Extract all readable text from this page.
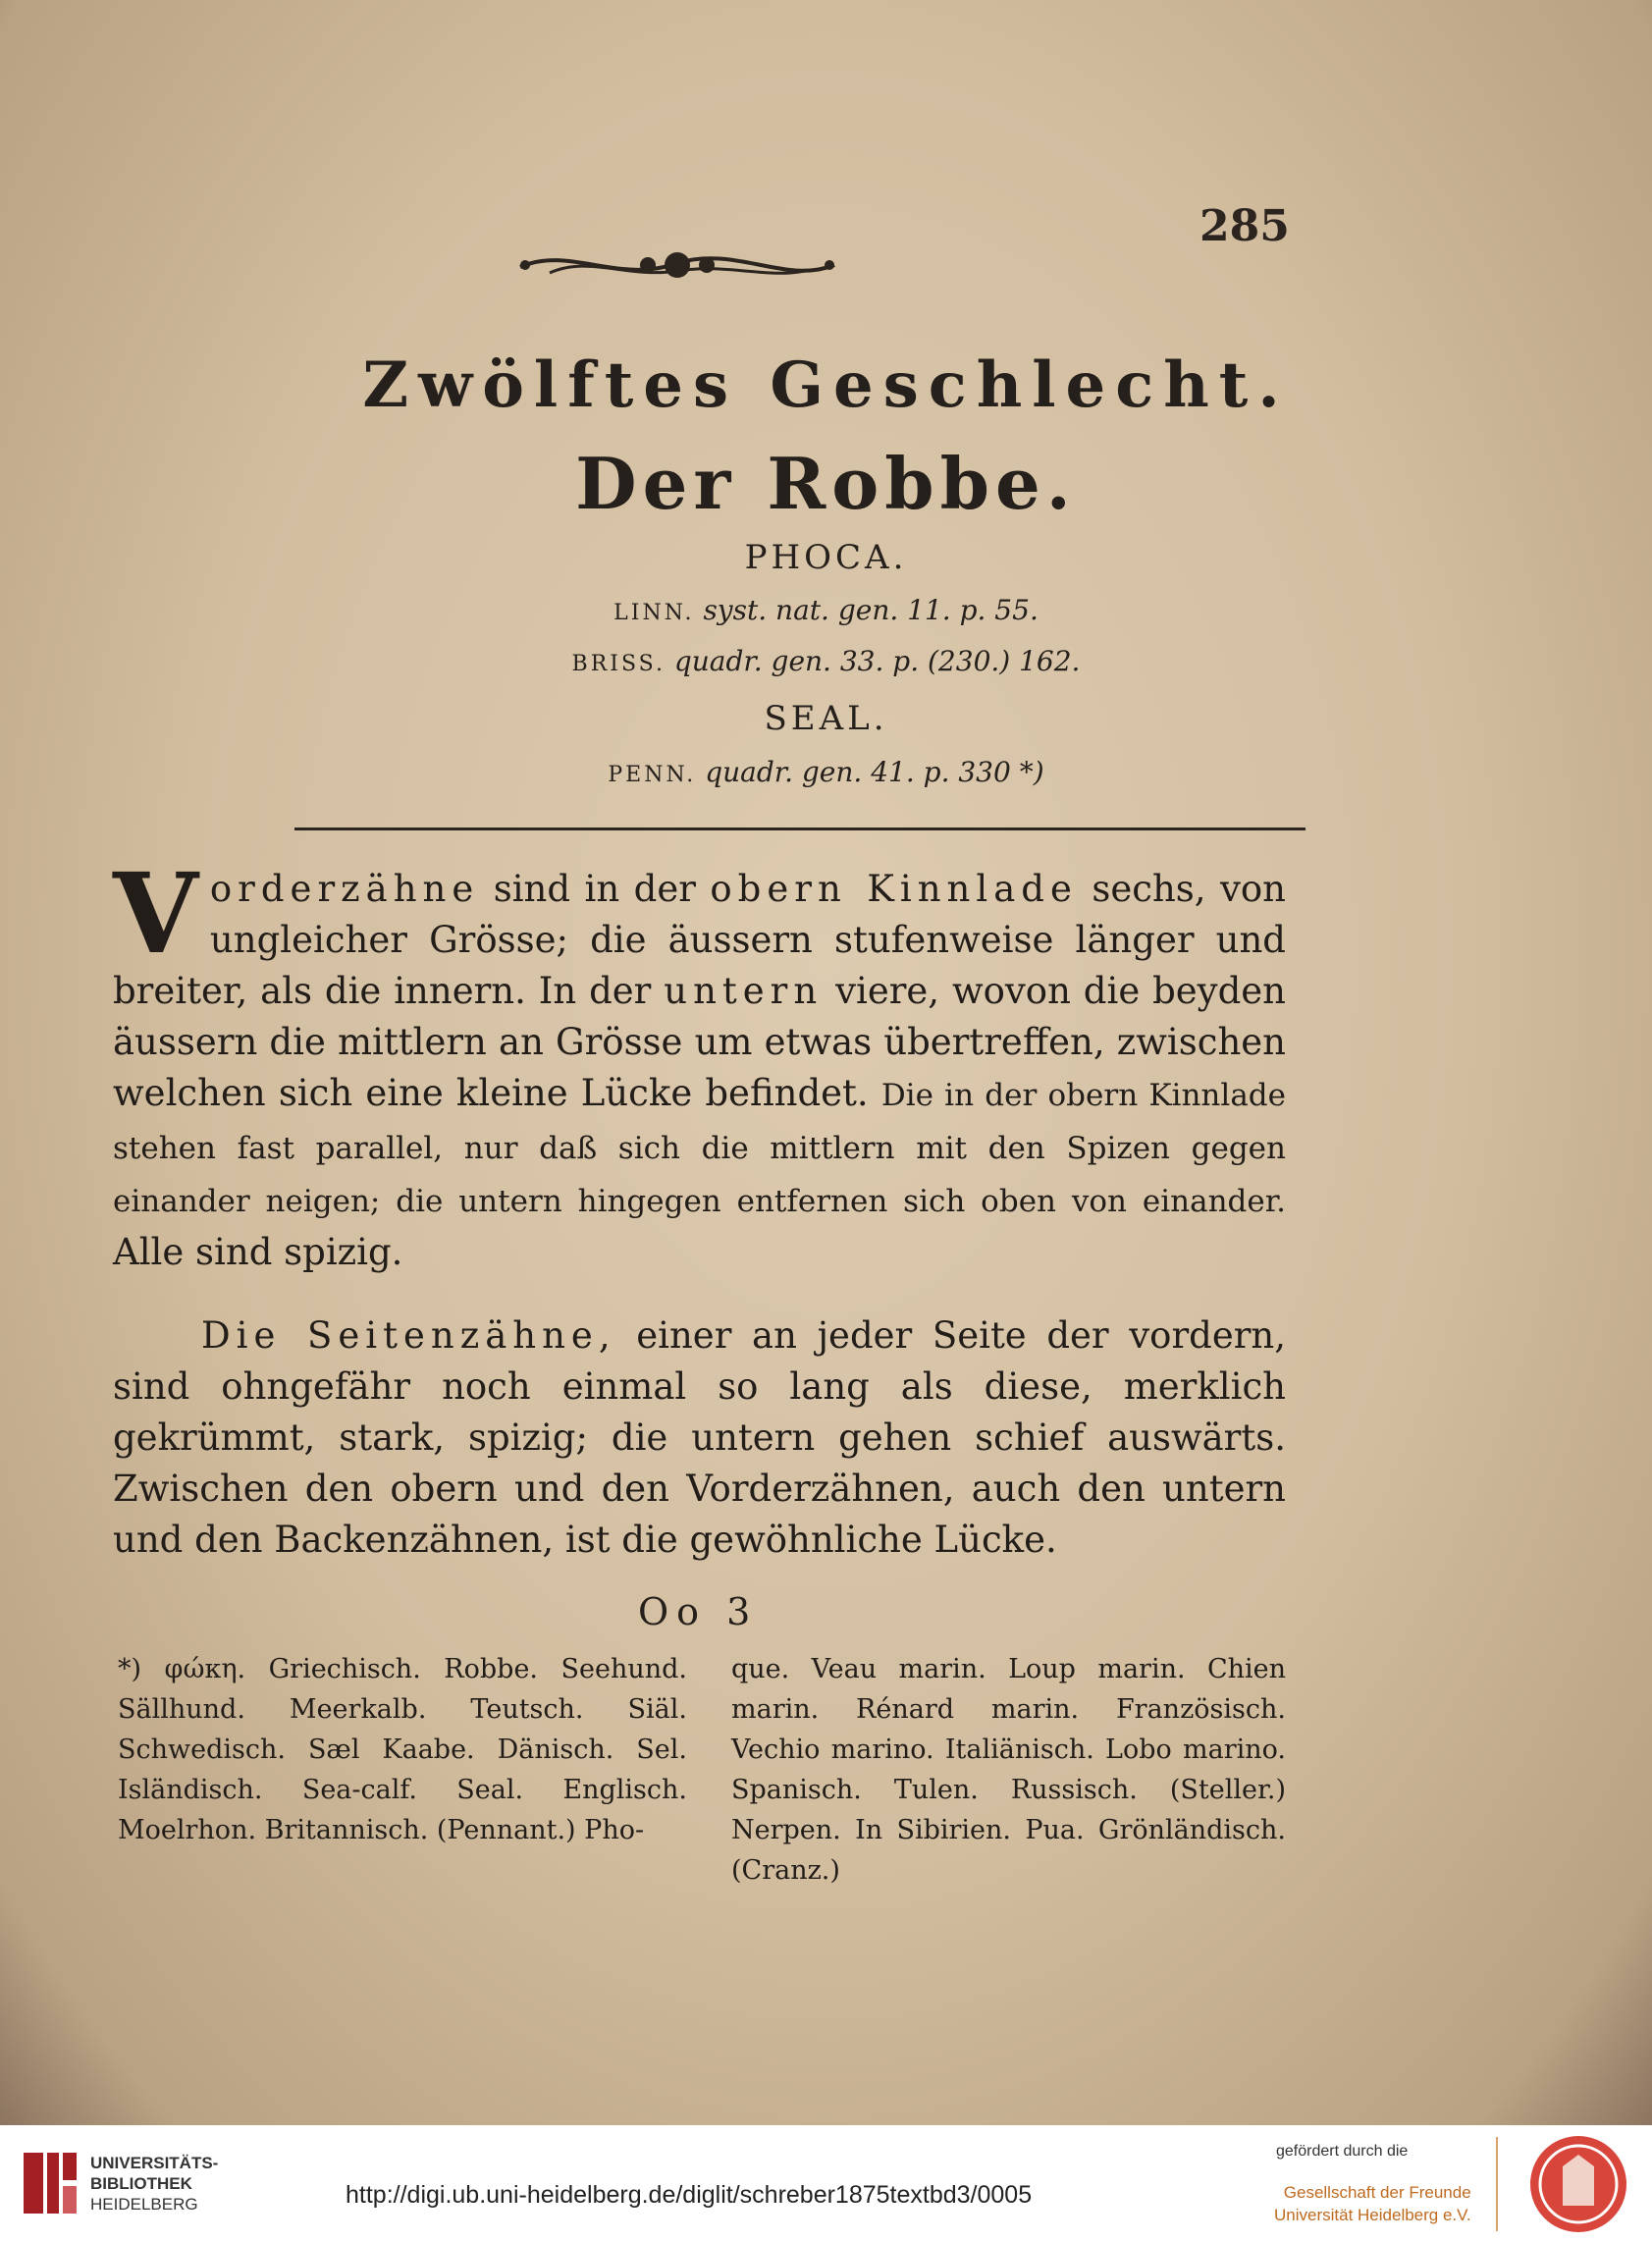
285
Zwölftes Geschlecht.
Der Robbe.
PHOCA.
LINN. syst. nat. gen. 11. p. 55.
BRISS. quadr. gen. 33. p. (230.) 162.
SEAL.
PENN. quadr. gen. 41. p. 330 *)
Vorderzähne sind in der obern Kinnlade sechs, von ungleicher Grösse; die äussern stufenweise länger und breiter, als die innern. In der untern viere, wovon die beyden äussern die mittlern an Grösse um etwas übertreffen, zwischen welchen sich eine kleine Lücke befindet. Die in der obern Kinnlade stehen fast parallel, nur daß sich die mittlern mit den Spizen gegen einander neigen; die untern hingegen entfernen sich oben von einander. Alle sind spizig.
Die Seitenzähne, einer an jeder Seite der vordern, sind ohngefähr noch einmal so lang als diese, merklich gekrümmt, stark, spizig; die untern gehen schief auswärts. Zwischen den obern und den Vorderzähnen, auch den untern und den Backenzähnen, ist die gewöhnliche Lücke.
Oo 3
*) φώκη. Griechisch. Robbe. Seehund. Sällhund. Meerkalb. Teutsch. Siäl. Schwedisch. Sæl Kaabe. Dänisch. Sel. Isländisch. Sea-calf. Seal. Englisch. Moelrhon. Britannisch. (Pennant.) Pho-
que. Veau marin. Loup marin. Chien marin. Rénard marin. Französisch. Vechio marino. Italiänisch. Lobo marino. Spanisch. Tulen. Russisch. (Steller.) Nerpen. In Sibirien. Pua. Grönländisch. (Cranz.)
UNIVERSITÄTS-
BIBLIOTHEK
HEIDELBERG	http://digi.ub.uni-heidelberg.de/diglit/schreber1875textbd3/0005
gefördert durch die
Gesellschaft der Freunde
Universität Heidelberg e.V.
